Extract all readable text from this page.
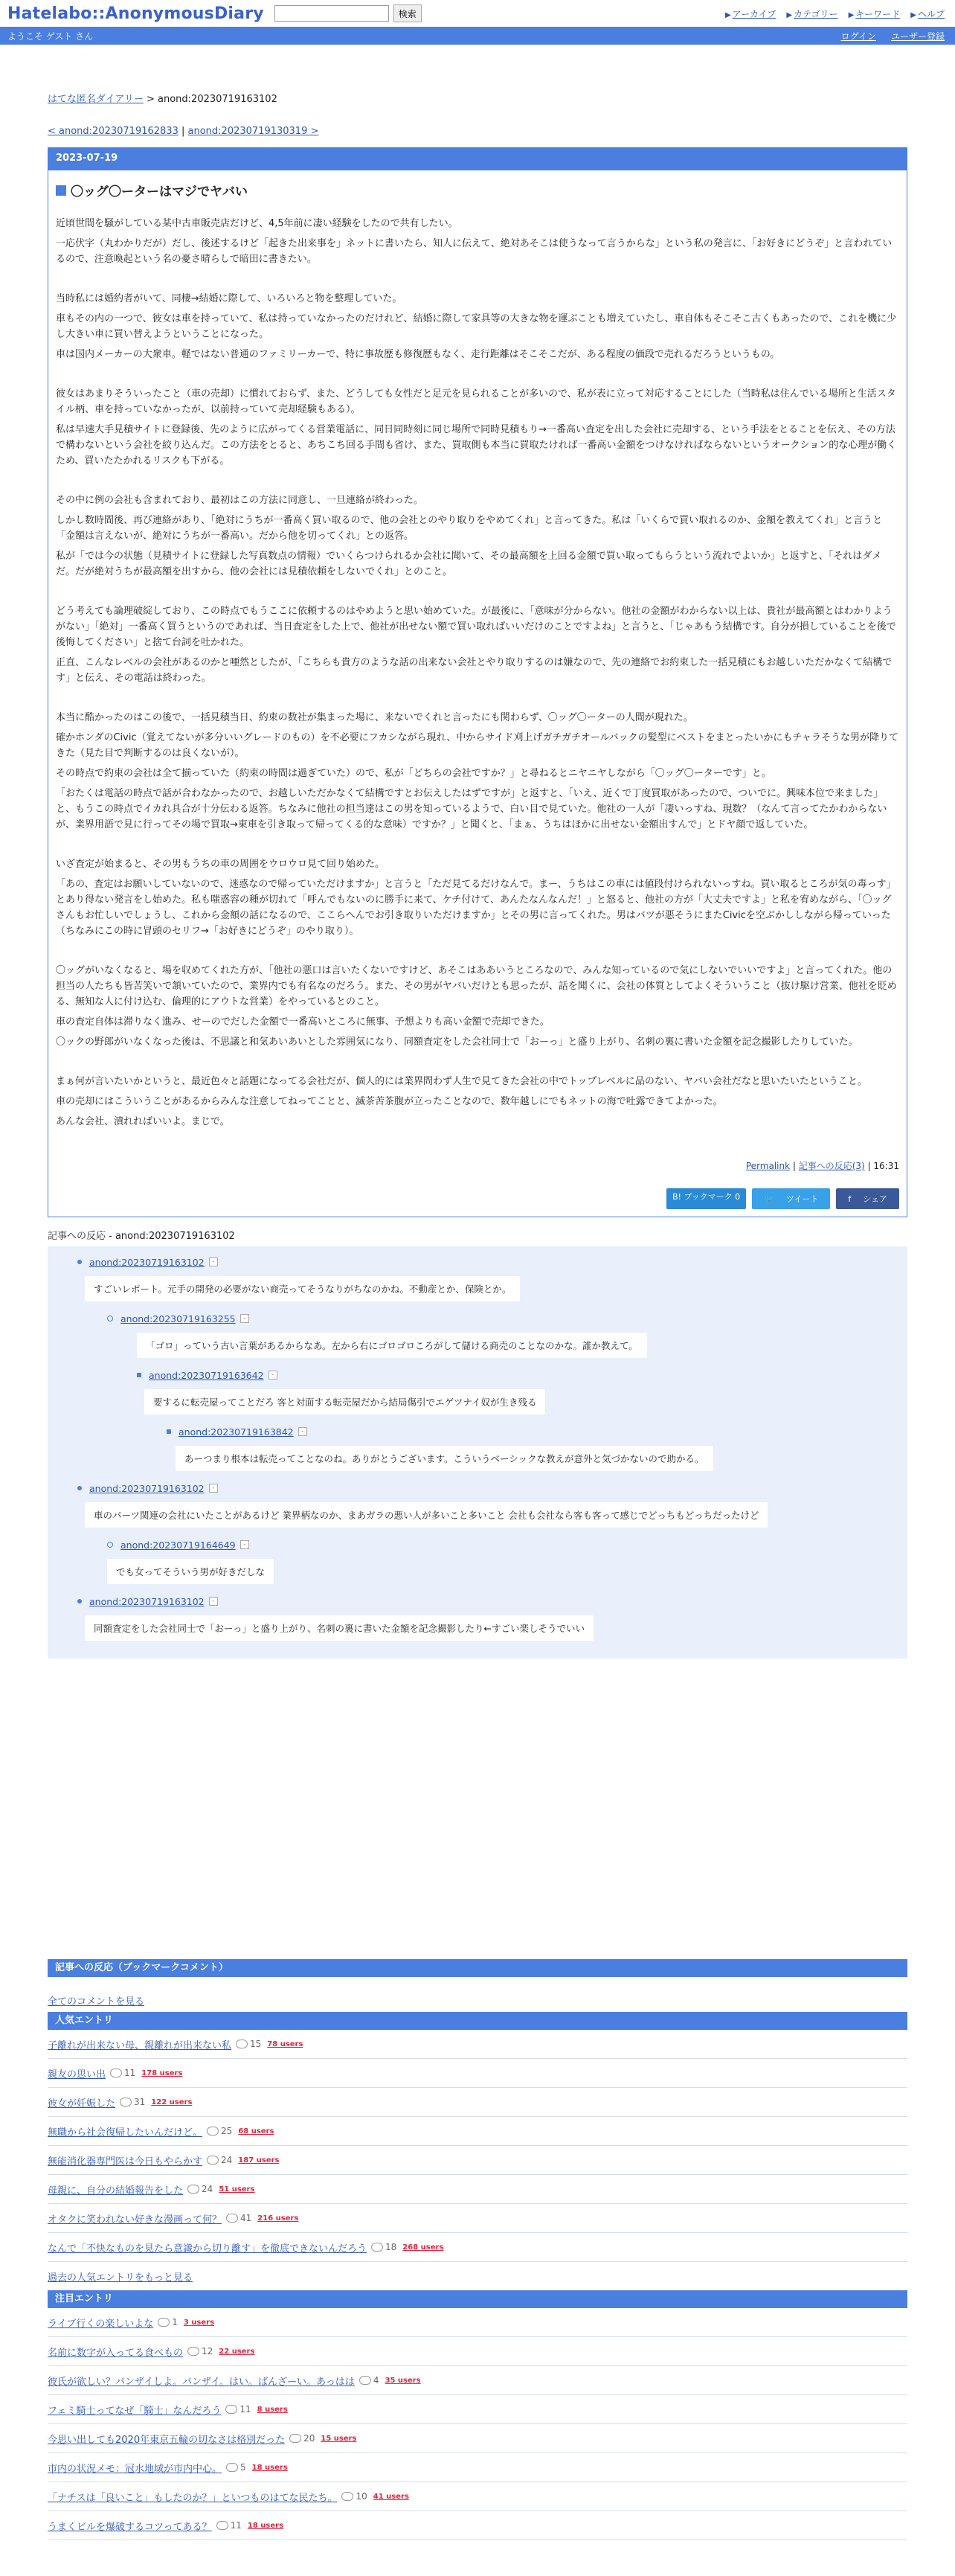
Hatelabo::AnonymousDiary	検索	▶ アーカイブ ▶ カテゴリー ▶ キーワード ▶ ヘルプ
ようこそ ゲスト さん	ログイン ユーザー登録
はてな匿名ダイアリー > anond:20230719163102
< anond:20230719162833 | anond:20230719130319 >
2023-07-19
〇ッグ〇ーターはマジでヤバい

近頃世間を騒がしている某中古車販売店だけど、4,5年前に凄い経験をしたので共有したい。

一応伏字（丸わかりだが）だし、後述するけど「起きた出来事を」ネットに書いたら、知人に伝えて、絶対あそこは使うなって言うからな」という私の発言に、「お好きにどうぞ」と言われているので、注意喚起という名の憂さ晴らしで暗田に書きたい。

当時私には婚約者がいて、同棲→結婚に際して、いろいろと物を整理していた。

車もその内の一つで、彼女は車を持っていて、私は持っていなかったのだけれど、結婚に際して家具等の大きな物を運ぶことも増えていたし、車自体もそこそこ古くもあったので、これを機に少し大きい車に買い替えようということになった。

車は国内メーカーの大衆車。軽ではない普通のファミリーカーで、特に事故歴も修復歴もなく、走行距離はそこそこだが、ある程度の価段で売れるだろうというもの。

彼女はあまりそういったこと（車の売却）に慣れておらず、また、どうしても女性だと足元を見られることが多いので、私が表に立って対応することにした（当時私は住んでいる場所と生活スタイル柄、車を持っていなかったが、以前持っていて売却経験もある）。

私は早速大手見積サイトに登録後、先のように広がってくる営業電話に、同日同時刻に同じ場所で同時見積もり→一番高い査定を出した会社に売却する、という手法をとることを伝え、その方法で構わないという会社を絞り込んだ。この方法をとると、あちこち回る手間も省け、また、買取側も本当に買取たければ一番高い金額をつけなければならないというオークション的な心理が働くため、買いたたかれるリスクも下がる。

その中に例の会社も含まれており、最初はこの方法に同意し、一旦連絡が終わった。

しかし数時間後、再び連絡があり、「絶対にうちが一番高く買い取るので、他の会社とのやり取りをやめてくれ」と言ってきた。私は「いくらで買い取れるのか、金額を教えてくれ」と言うと「金額は言えないが、絶対にうちが一番高い。だから他を切ってくれ」との返答。

私が「では今の状態（見積サイトに登録した写真数点の情報）でいくらつけられるか会社に聞いて、その最高額を上回る金額で買い取ってもらうという流れでよいか」と返すと、「それはダメだ。だが絶対うちが最高額を出すから、他の会社には見積依頼をしないでくれ」とのこと。

どう考えても論理破綻しており、この時点でもうここに依頼するのはやめようと思い始めていた。が最後に、「意味が分からない。他社の金額がわからない以上は、貴社が最高額とはわかりようがない」「絶対」一番高く買うというのであれば、当日査定をした上で、他社が出せない額で買い取ればいいだけのことですよね」と言うと、「じゃあもう結構です。自分が損していることを後で後悔してください」と捨て台詞を吐かれた。

正直、こんなレベルの会社があるのかと唖然としたが、「こちらも貴方のような話の出来ない会社とやり取りするのは嫌なので、先の連絡でお約束した一括見積にもお越しいただかなくて結構です」と伝え、その電話は終わった。

本当に酷かったのはこの後で、一括見積当日、約束の数社が集まった場に、来ないでくれと言ったにも関わらず、〇ッグ〇ーターの人間が現れた。

確かホンダのCivic（覚えてないが多分いいグレードのもの）を不必要にフカシながら現れ、中からサイド刈上げガチガチオールバックの髪型にベストをまとったいかにもチャラそうな男が降りてきた（見た目で判断するのは良くないが）。

その時点で約束の会社は全て揃っていた（約束の時間は過ぎていた）ので、私が「どちらの会社ですか？」と尋ねるとニヤニヤしながら「〇ッグ〇ーターです」と。

「おたくは電話の時点で話が合わなかったので、お越しいただかなくて結構ですとお伝えしたはずですが」と返すと、「いえ、近くで丁度買取があったので、ついでに。興味本位で来ました」と、もうこの時点でイカれ具合が十分伝わる返答。ちなみに他社の担当達はこの男を知っているようで、白い目で見ていた。他社の一人が「凄いっすね、現数？（なんて言ってたかわからないが、業界用語で見に行ってその場で買取→東車を引き取って帰ってくる的な意味）ですか？」と聞くと、「まぁ、うちはほかに出せない金額出すんで」とドヤ顔で返していた。

いざ査定が始まると、その男もうちの車の周囲をウロウロ見て回り始めた。

「あの、査定はお願いしていないので、迷惑なので帰っていただけますか」と言うと「ただ見てるだけなんで。まー、うちはこの車には値段付けられないっすね。買い取るところが気の毒っす」とあり得ない発言をし始めた。私も嗤惑容の種が切れて「呼んでもないのに勝手に来て、ケチ付けて、あんたなんなんだ！」と怒ると、他社の方が「大丈夫ですよ」と私を宥めながら、「〇ッグさんもお忙しいでしょうし、これから金額の話になるので、ここらへんでお引き取りいただけますか」とその男に言ってくれた。男はバツが悪そうにまたCivicを空ぶかししながら帰っていった（ちなみにこの時に冒頭のセリフ→「お好きにどうぞ」のやり取り）。

〇ッグがいなくなると、場を収めてくれた方が、「他社の悪口は言いたくないですけど、あそこはああいうところなので、みんな知っているので気にしないでいいですよ」と言ってくれた。他の担当の人たちも皆苦笑いで頷いていたので、業界内でも有名なのだろう。また、その男がヤバいだけとも思ったが、話を聞くに、会社の体質としてよくそういうこと（抜け駆け営業、他社を貶める、無知な人に付け込む、倫理的にアウトな営業）をやっているとのこと。

車の査定自体は滞りなく進み、せーのでだした金額で一番高いところに無事、予想よりも高い金額で売却できた。

〇ックの野郎がいなくなった後は、不思議と和気あいあいとした雰囲気になり、同額査定をした会社同士で「おーっ」と盛り上がり、名刺の裏に書いた金額を記念撮影したりしていた。

まぁ何が言いたいかというと、最近色々と話題になってる会社だが、個人的には業界問わず人生で見てきた会社の中でトップレベルに品のない、ヤバい会社だなと思いたいたということ。

車の売却にはこういうことがあるからみんな注意してねってことと、滅茶苦茶腹が立ったことなので、数年越しにでもネットの海で吐露できてよかった。

あんな会社、潰れればいいよ。まじで。

Permalink | 記事への反応(3) | 16:31
B! ブックマーク 0	🐦ツイート	fシェア
記事への反応 - anond:20230719163102
anond:20230719163102	-
すごいレポート。元手の開発の必要がない商売ってそうなりがちなのかね。不動産とか、保険とか。
anond:20230719163255	-
「ゴロ」っていう古い言葉があるからなあ。左から右にゴロゴロころがして儲ける商売のことなのかな。誰か教えて。
anond:20230719163642	-
要するに転売屋ってことだろ 客と対面する転売屋だから結局傷引でエゲツナイ奴が生き残る
anond:20230719163842	-
あーつまり根本は転売ってことなのね。ありがとうございます。こういうベーシックな教えが意外と気づかないので助かる。
anond:20230719163102	-
車のパーツ関連の会社にいたことがあるけど 業界柄なのか、まあガラの悪い人が多いこと多いこと 会社も会社なら客も客って感じでどっちもどっちだったけど
anond:20230719164649	-
でも女ってそういう男が好きだしな
anond:20230719163102	-
同額査定をした会社同士で「おーっ」と盛り上がり、名刺の裏に書いた金額を記念撮影したり←すごい楽しそうでいい
記事への反応（ブックマークコメント）
全てのコメントを見る
人気エントリ
子離れが出来ない母、親離れが出来ない私 15 78 users
親友の思い出 11 178 users
彼女が妊娠した 31 122 users
無職から社会復帰したいんだけど。 25 68 users
無能消化器専門医は今日もやらかす 24 187 users
母親に、自分の結婚報告をした 24 51 users
オタクに笑われない好きな漫画って何？ 41 216 users
なんで「不快なものを見たら意識から切り離す」を徹底できないんだろう 18 268 users
過去の人気エントリをもっと見る
注目エントリ
ライブ行くの楽しいよな 1 3 users
名前に数字が入ってる食べもの 12 22 users
彼氏が欲しい？パンザイしよ。パンザイ。はい。ばんざーい。あっはは 4 35 users
フェミ騎士ってなぜ「騎士」なんだろう 11 8 users
今思い出しても2020年東京五輪の切なさは格別だった 20 15 users
市内の状況メモ：冠水地域が市内中心。 5 18 users
「ナチスは「良いこと」もしたのか？」といつものはてな民たち。 10 41 users
うまくビルを爆破するコツってある？ 11 18 users
